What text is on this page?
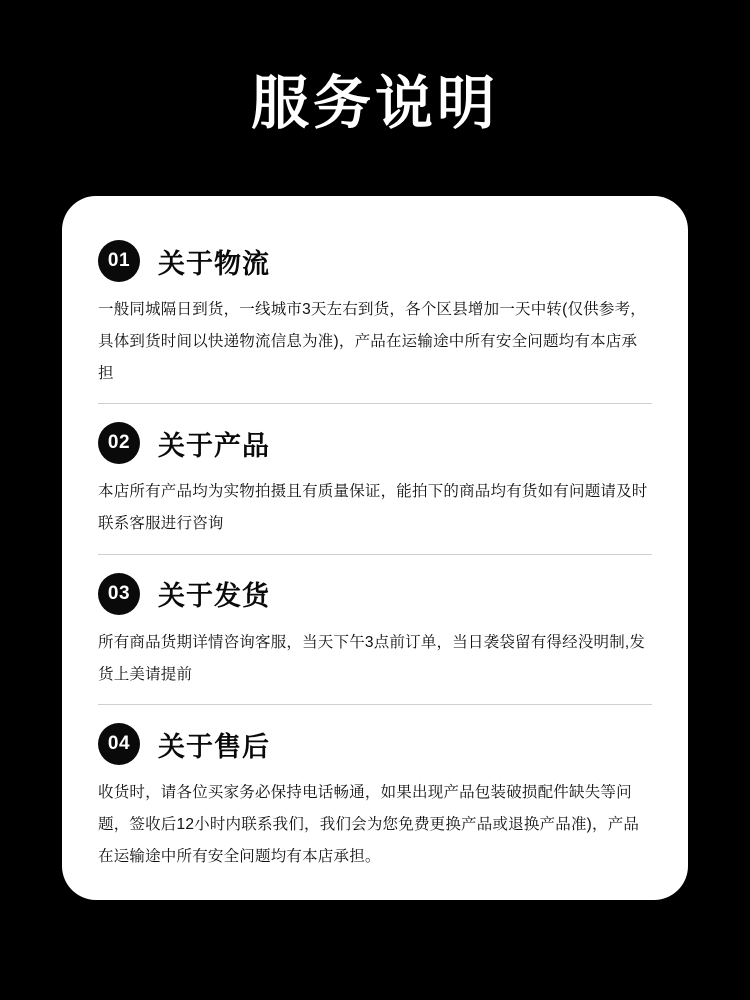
服务说明
01	关于物流
一般同城隔日到货，一线城市3天左右到货，各个区县增加一天中转(仅供参考，具体到货时间以快递物流信息为准)，产品在运输途中所有安全问题均有本店承担
02	关于产品
本店所有产品均为实物拍摄且有质量保证，能拍下的商品均有货如有问题请及时联系客服进行咨询
03	关于发货
所有商品货期详情咨询客服，当天下午3点前订单，当日袭袋留有得经没明制,发货上美请提前
04	关于售后
收货时，请各位买家务必保持电话畅通，如果出现产品包装破损配件缺失等问题，签收后12小时内联系我们，我们会为您免费更换产品或退换产品准)，产品在运输途中所有安全问题均有本店承担。
